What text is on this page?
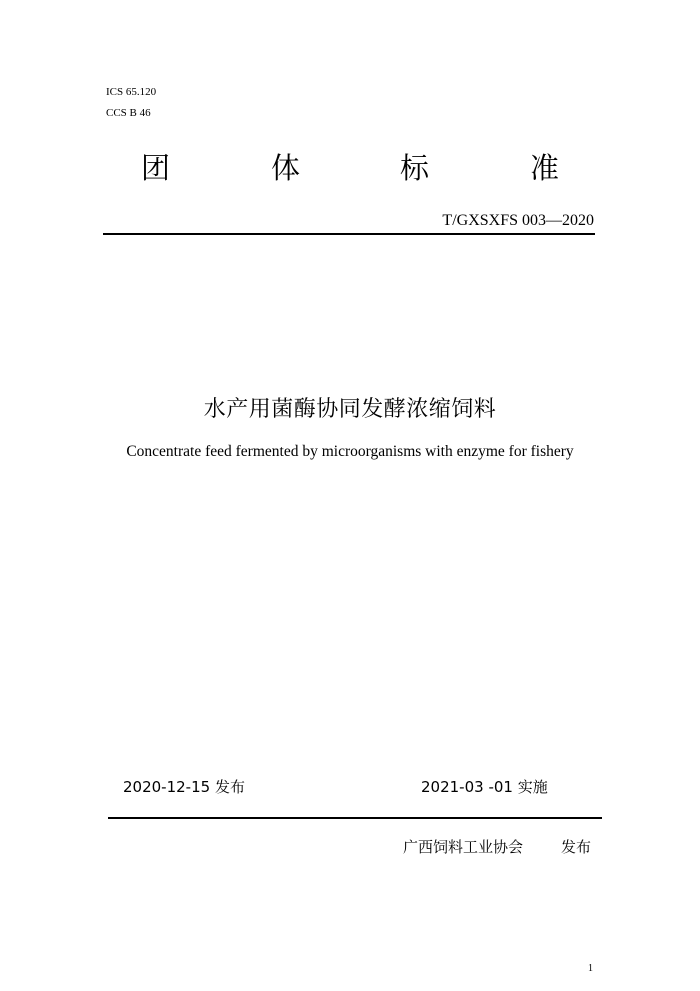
ICS 65.120
CCS B 46
团	体	标	准
T/GXSXFS 003—2020
水产用菌酶协同发酵浓缩饲料
Concentrate feed fermented by microorganisms with enzyme for fishery
2020-12-15 发布	2021-03 -01 实施
广西饲料工业协会	发布
1
